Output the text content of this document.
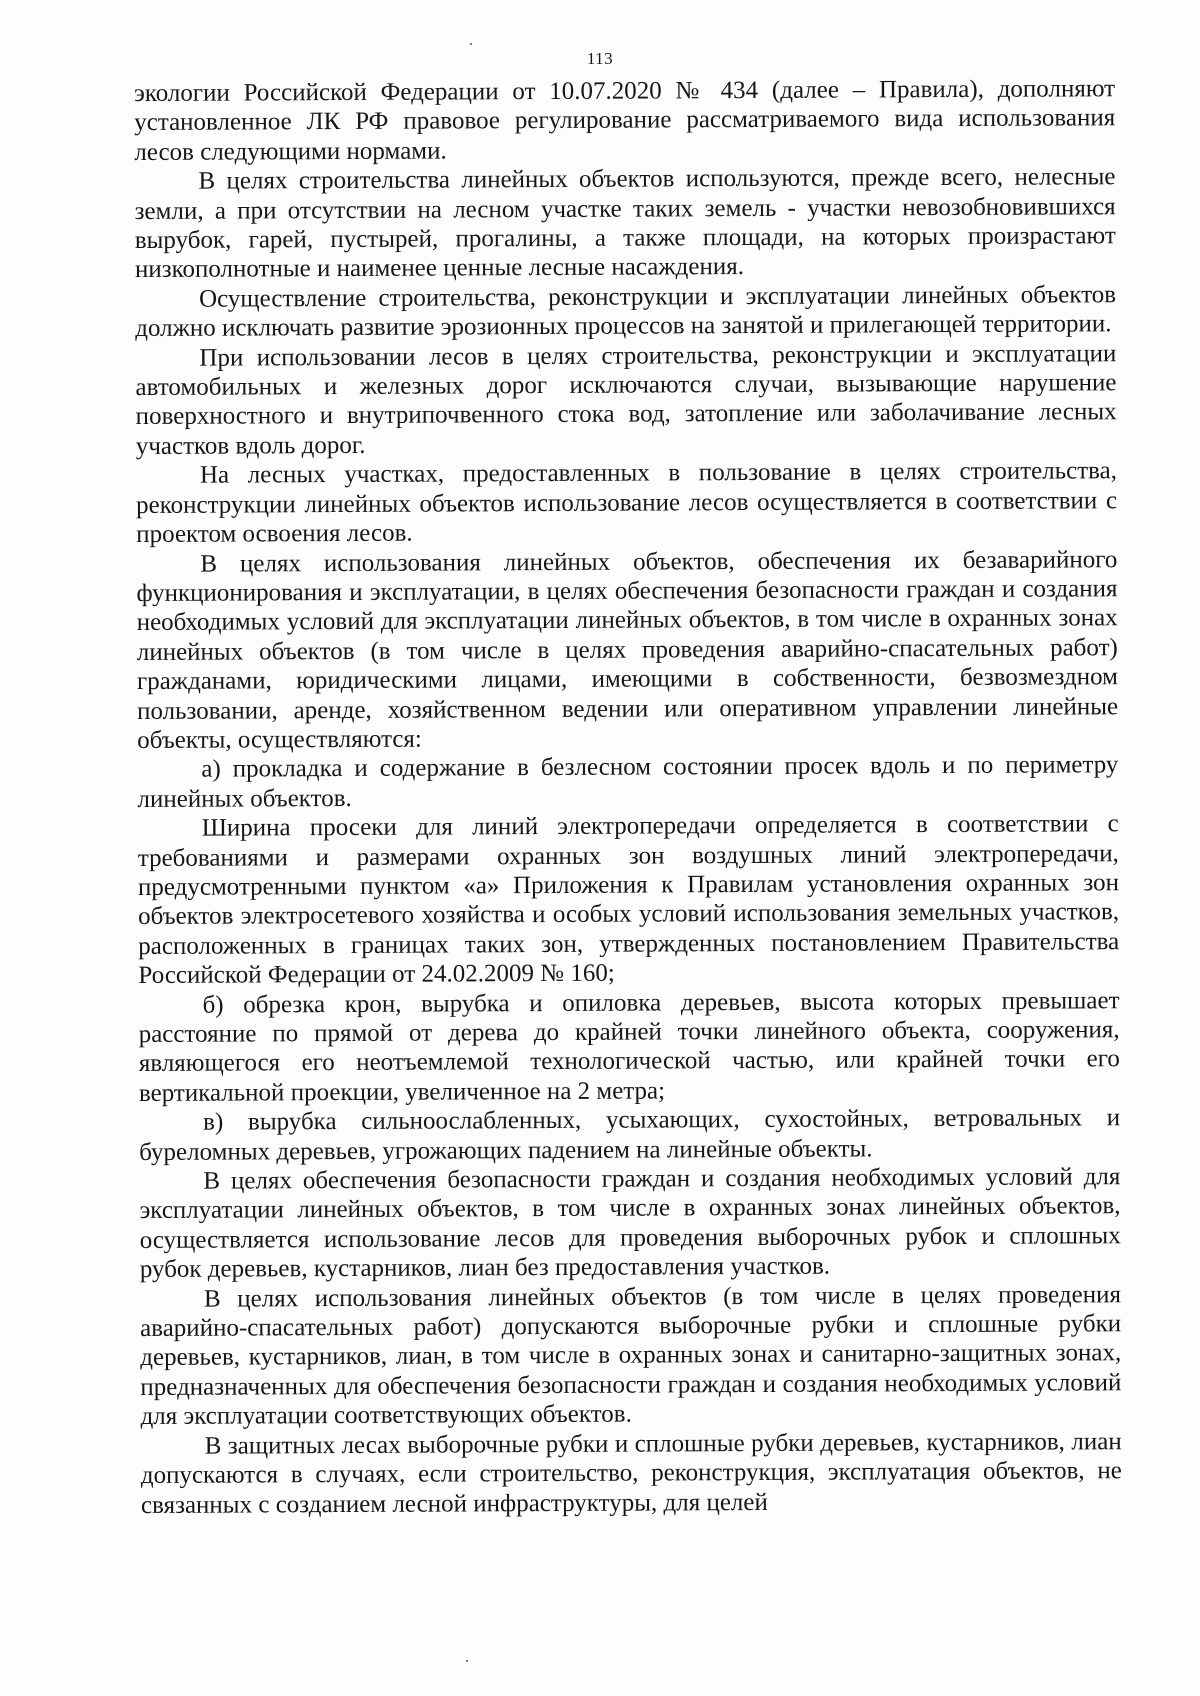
113

экологии Российской Федерации от 10.07.2020 № 434 (далее – Правила), дополняют установленное ЛК РФ правовое регулирование рассматриваемого вида использования лесов следующими нормами.

В целях строительства линейных объектов используются, прежде всего, нелесные земли, а при отсутствии на лесном участке таких земель - участки невозобновившихся вырубок, гарей, пустырей, прогалины, а также площади, на которых произрастают низкополнотные и наименее ценные лесные насаждения.

Осуществление строительства, реконструкции и эксплуатации линейных объектов должно исключать развитие эрозионных процессов на занятой и прилегающей территории.

При использовании лесов в целях строительства, реконструкции и эксплуатации автомобильных и железных дорог исключаются случаи, вызывающие нарушение поверхностного и внутрипочвенного стока вод, затопление или заболачивание лесных участков вдоль дорог.

На лесных участках, предоставленных в пользование в целях строительства, реконструкции линейных объектов использование лесов осуществляется в соответствии с проектом освоения лесов.

В целях использования линейных объектов, обеспечения их безаварийного функционирования и эксплуатации, в целях обеспечения безопасности граждан и создания необходимых условий для эксплуатации линейных объектов, в том числе в охранных зонах линейных объектов (в том числе в целях проведения аварийно-спасательных работ) гражданами, юридическими лицами, имеющими в собственности, безвозмездном пользовании, аренде, хозяйственном ведении или оперативном управлении линейные объекты, осуществляются:

а) прокладка и содержание в безлесном состоянии просек вдоль и по периметру линейных объектов.

Ширина просеки для линий электропередачи определяется в соответствии с требованиями и размерами охранных зон воздушных линий электропередачи, предусмотренными пунктом «а» Приложения к Правилам установления охранных зон объектов электросетевого хозяйства и особых условий использования земельных участков, расположенных в границах таких зон, утвержденных постановлением Правительства Российской Федерации от 24.02.2009 № 160;

б) обрезка крон, вырубка и опиловка деревьев, высота которых превышает расстояние по прямой от дерева до крайней точки линейного объекта, сооружения, являющегося его неотъемлемой технологической частью, или крайней точки его вертикальной проекции, увеличенное на 2 метра;

в) вырубка сильноослабленных, усыхающих, сухостойных, ветровальных и буреломных деревьев, угрожающих падением на линейные объекты.

В целях обеспечения безопасности граждан и создания необходимых условий для эксплуатации линейных объектов, в том числе в охранных зонах линейных объектов, осуществляется использование лесов для проведения выборочных рубок и сплошных рубок деревьев, кустарников, лиан без предоставления участков.

В целях использования линейных объектов (в том числе в целях проведения аварийно-спасательных работ) допускаются выборочные рубки и сплошные рубки деревьев, кустарников, лиан, в том числе в охранных зонах и санитарно-защитных зонах, предназначенных для обеспечения безопасности граждан и создания необходимых условий для эксплуатации соответствующих объектов.

В защитных лесах выборочные рубки и сплошные рубки деревьев, кустарников, лиан допускаются в случаях, если строительство, реконструкция, эксплуатация объектов, не связанных с созданием лесной инфраструктуры, для целей
